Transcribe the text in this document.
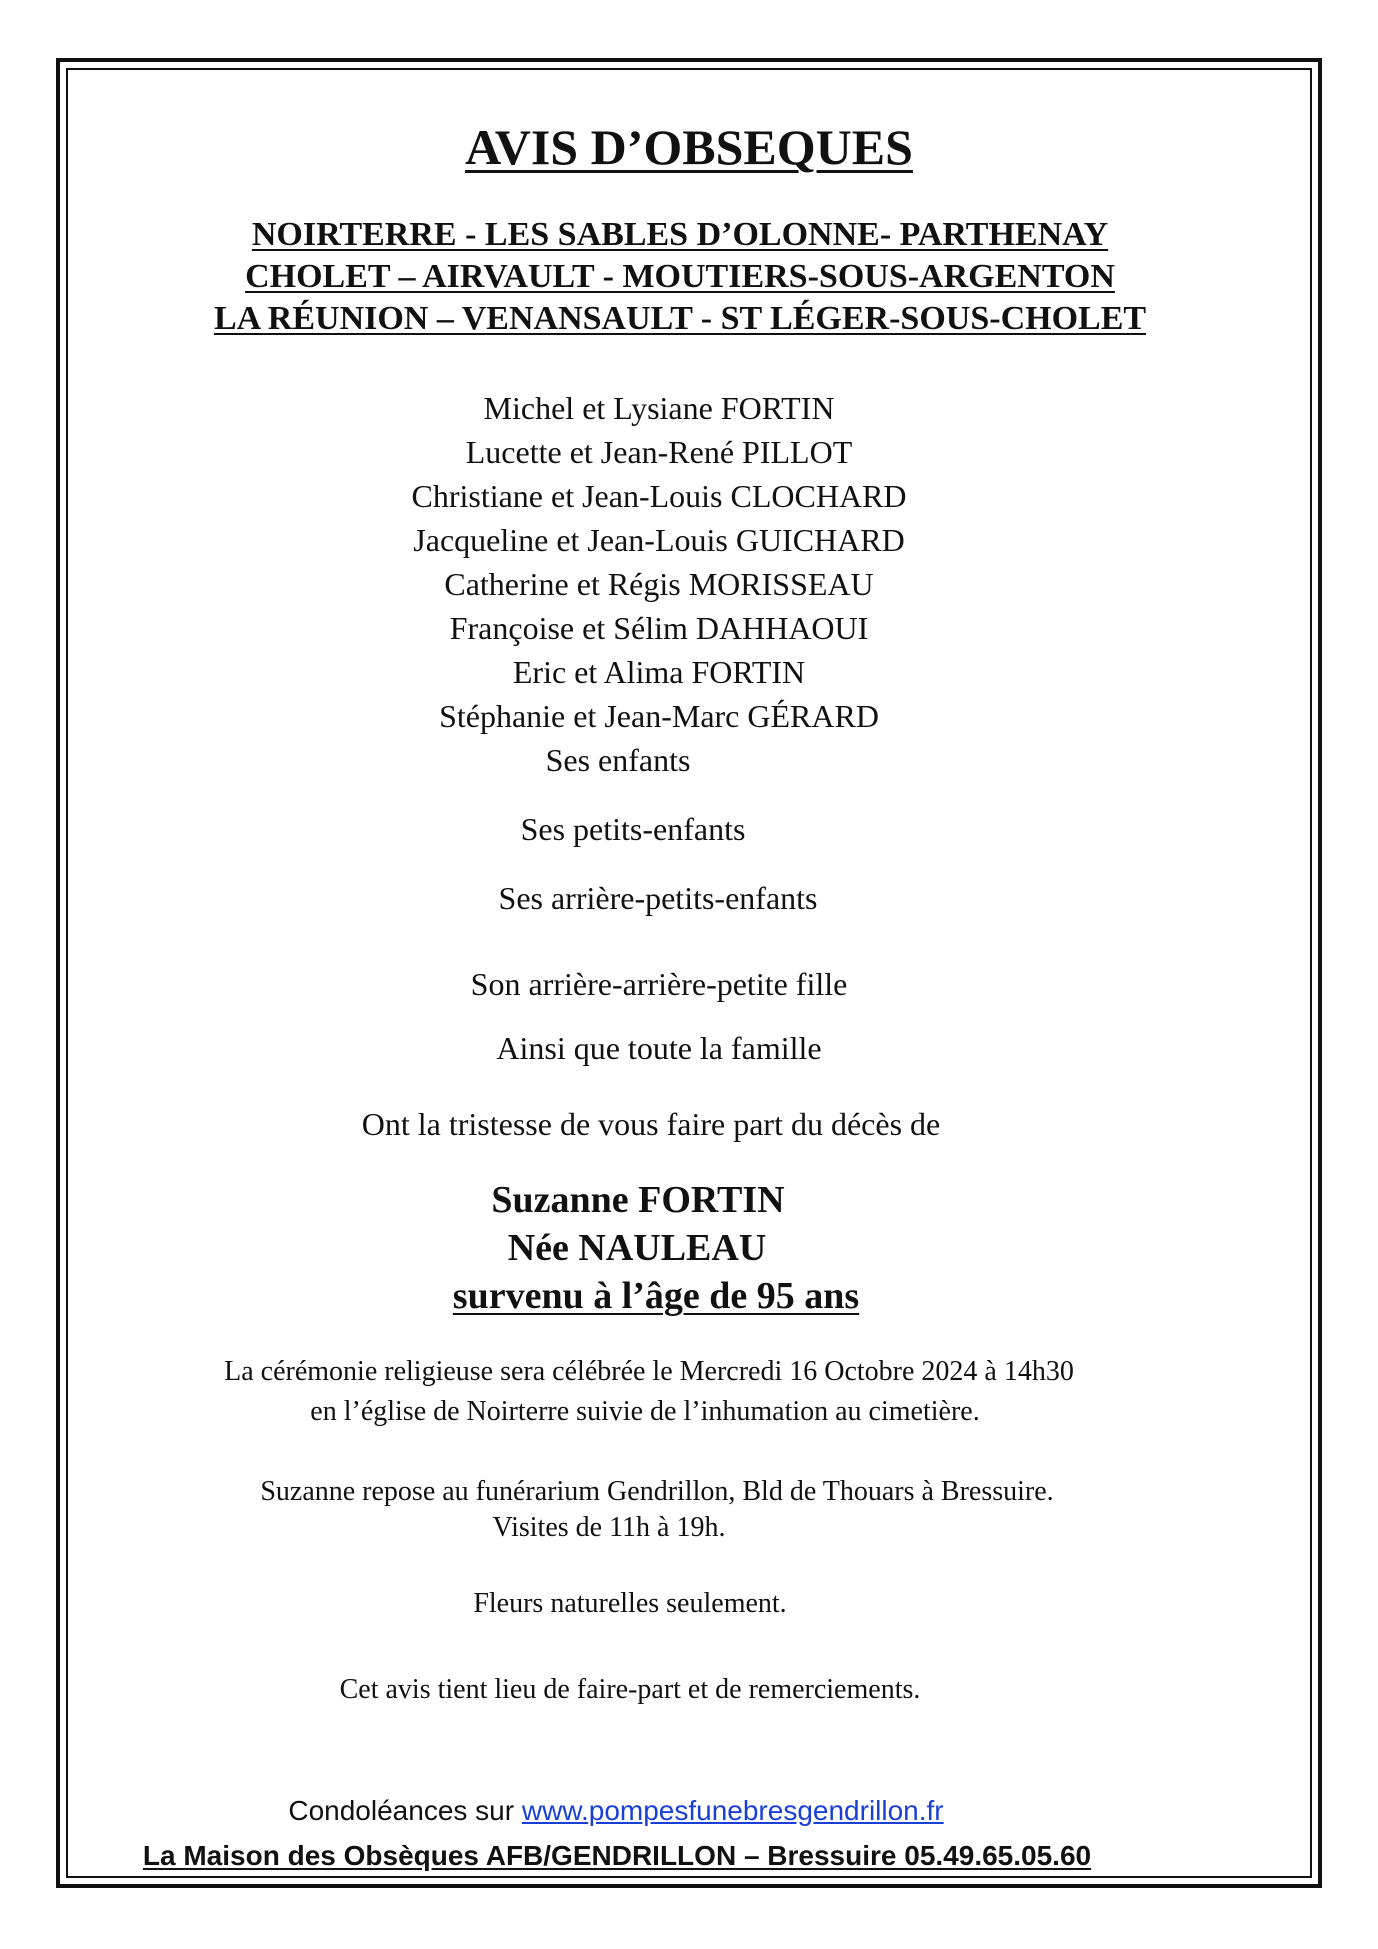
AVIS D’OBSEQUES
NOIRTERRE - LES SABLES D’OLONNE- PARTHENAY
CHOLET – AIRVAULT - MOUTIERS-SOUS-ARGENTON
LA RÉUNION – VENANSAULT - ST LÉGER-SOUS-CHOLET
Michel et Lysiane FORTIN
Lucette et Jean-René PILLOT
Christiane et Jean-Louis CLOCHARD
Jacqueline et Jean-Louis GUICHARD
Catherine et Régis MORISSEAU
Françoise et Sélim DAHHAOUI
Eric et Alima FORTIN
Stéphanie et Jean-Marc GÉRARD
Ses enfants
Ses petits-enfants
Ses arrière-petits-enfants
Son arrière-arrière-petite fille
Ainsi que toute la famille
Ont la tristesse de vous faire part du décès de
Suzanne FORTIN
Née NAULEAU
survenu à l’âge de 95 ans
La cérémonie religieuse sera célébrée le Mercredi 16 Octobre 2024 à 14h30
en l’église de Noirterre suivie de l’inhumation au cimetière.
Suzanne repose au funérarium Gendrillon, Bld de Thouars à Bressuire.
Visites de 11h à 19h.
Fleurs naturelles seulement.
Cet avis tient lieu de faire-part et de remerciements.
Condoléances sur www.pompesfunebresgendrillon.fr
La Maison des Obsèques AFB/GENDRILLON – Bressuire 05.49.65.05.60
